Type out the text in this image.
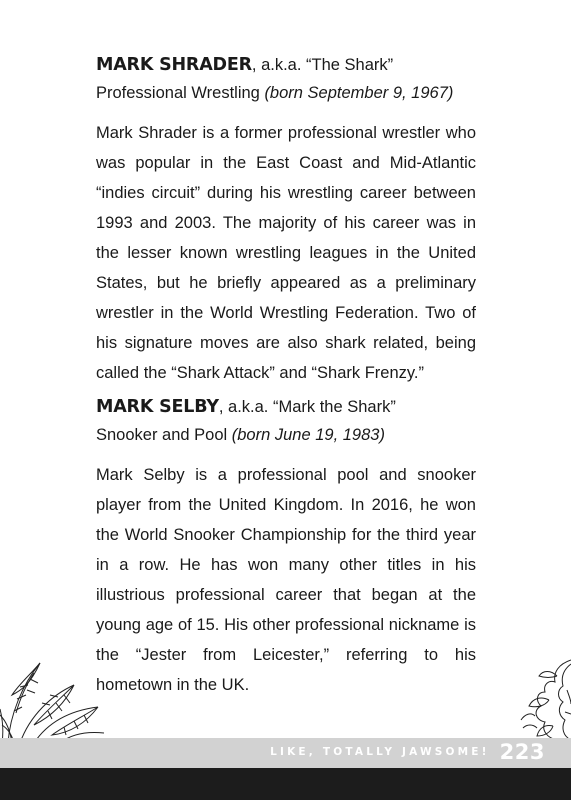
MARK SHRADER, a.k.a. “The Shark”

Professional Wrestling (born September 9, 1967)

Mark Shrader is a former professional wrestler who was popular in the East Coast and Mid-Atlantic “indies circuit” during his wrestling career between 1993 and 2003. The majority of his career was in the lesser known wrestling leagues in the United States, but he briefly appeared as a preliminary wrestler in the World Wrestling Federation. Two of his signature moves are also shark related, being called the “Shark Attack” and “Shark Frenzy.”

MARK SELBY, a.k.a. “Mark the Shark”

Snooker and Pool (born June 19, 1983)

Mark Selby is a professional pool and snooker player from the United Kingdom. In 2016, he won the World Snooker Championship for the third year in a row. He has won many other titles in his illustrious professional career that began at the young age of 15. His other professional nickname is the “Jester from Leicester,” referring to his hometown in the UK.

LIKE, TOTALLY JAWSOME! 223
